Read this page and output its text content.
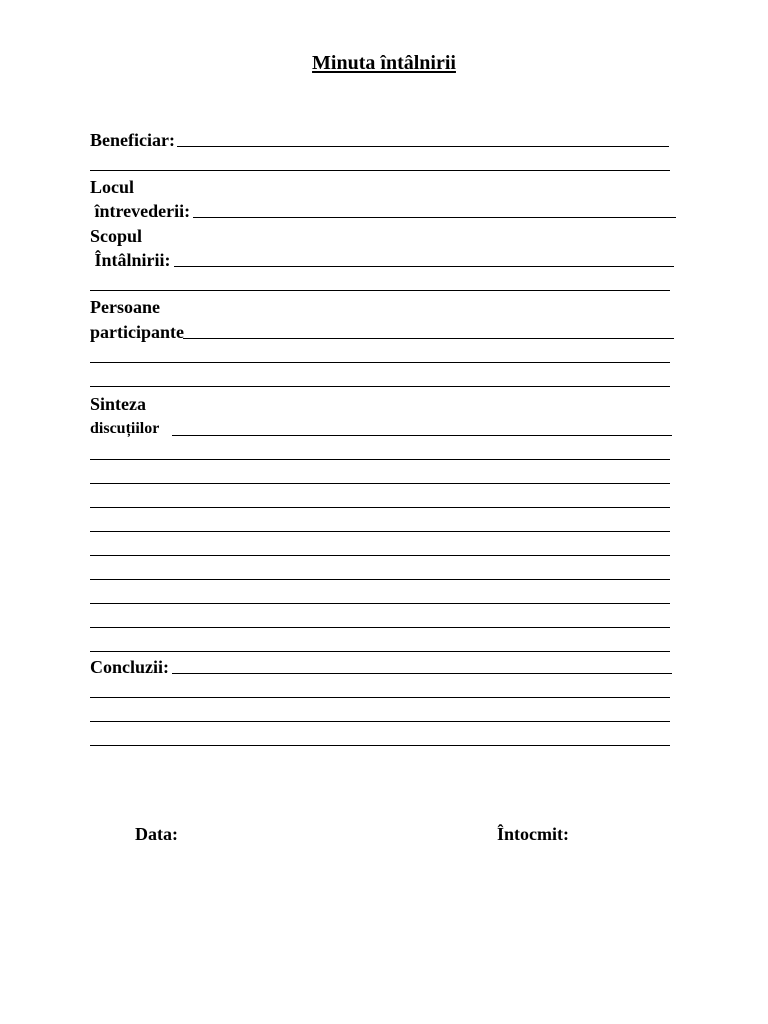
Minuta întâlnirii
Beneficiar:
Locul
întrevederii:
Scopul
Întâlnirii:
Persoane
participante
Sinteza
discuțiilor
Concluzii:
Data:	Întocmit:
